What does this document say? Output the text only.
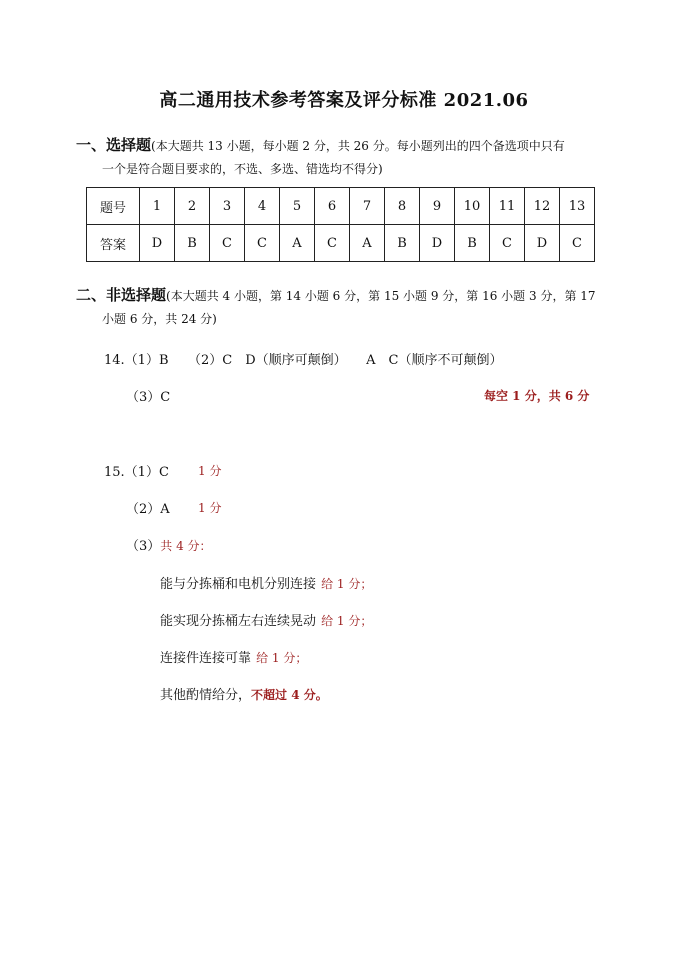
高二通用技术参考答案及评分标准 2021.06
一、选择题(本大题共 13 小题，每小题 2 分，共 26 分。每小题列出的四个备选项中只有
一个是符合题目要求的，不选、多选、错选均不得分)
题号	1	2	3	4	5	6	7	8	9	10	11	12	13
答案	D	B	C	C	A	C	A	B	D	B	C	D	C
二、非选择题(本大题共 4 小题，第 14 小题 6 分，第 15 小题 9 分，第 16 小题 3 分，第 17
小题 6 分，共 24 分)
14.（1）B　　（2）C　D（顺序可颠倒）　　A　C（顺序不可颠倒）
（3）C	每空 1 分，共 6 分
15.（1）C 1 分
（2）A 1 分
（3）共 4 分：
能与分拣桶和电机分别连接 给 1 分；
能实现分拣桶左右连续晃动 给 1 分；
连接件连接可靠 给 1 分；
其他酌情给分，不超过 4 分。
